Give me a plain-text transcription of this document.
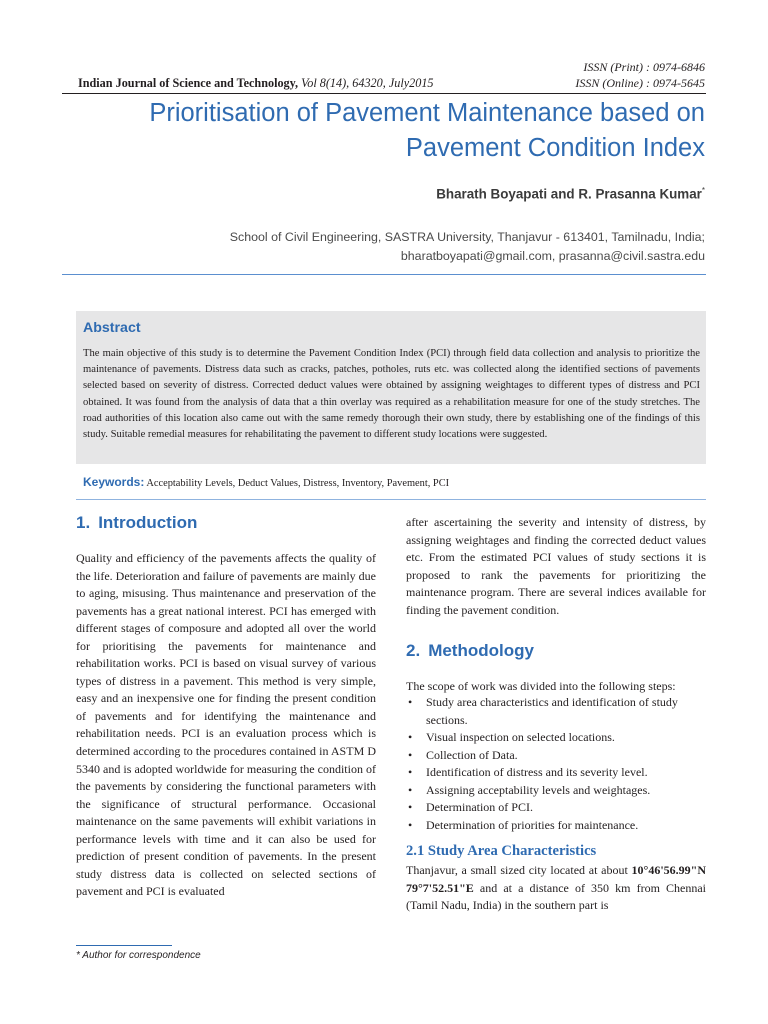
ISSN (Print) : 0974-6846
ISSN (Online) : 0974-5645
Indian Journal of Science and Technology, Vol 8(14), 64320, July2015
Prioritisation of Pavement Maintenance based on
Pavement Condition Index
Bharath Boyapati and R. Prasanna Kumar*
School of Civil Engineering, SASTRA University, Thanjavur - 613401, Tamilnadu, India;
bharatboyapati@gmail.com, prasanna@civil.sastra.edu
Abstract
The main objective of this study is to determine the Pavement Condition Index (PCI) through field data collection and analysis to prioritize the maintenance of pavements. Distress data such as cracks, patches, potholes, ruts etc. was collected along the identified sections of pavements selected based on severity of distress. Corrected deduct values were obtained by assigning weightages to different types of distress and PCI obtained. It was found from the analysis of data that a thin overlay was required as a rehabilitation measure for one of the study stretches. The road authorities of this location also came out with the same remedy thorough their own study, there by establishing one of the findings of this study. Suitable remedial measures for rehabilitating the pavement to different study locations were suggested.
Keywords: Acceptability Levels, Deduct Values, Distress, Inventory, Pavement, PCI
1. Introduction
Quality and efficiency of the pavements affects the quality of the life. Deterioration and failure of pavements are mainly due to aging, misusing. Thus maintenance and preservation of the pavements has a great national interest. PCI has emerged with different stages of composure and adopted all over the world for prioritising the pavements for maintenance and rehabilitation works. PCI is based on visual survey of various types of distress in a pavement. This method is very simple, easy and an inexpensive one for finding the present condition of pavements and for identifying the maintenance and rehabilitation needs. PCI is an evaluation process which is determined according to the procedures contained in ASTM D 5340 and is adopted worldwide for measuring the condition of the pavements by considering the functional parameters with the significance of structural performance. Occasional maintenance on the same pavements will exhibit variations in performance levels with time and it can also be used for prediction of present condition of pavements. In the present study distress data is collected on selected sections of pavement and PCI is evaluated
after ascertaining the severity and intensity of distress, by assigning weightages and finding the corrected deduct values etc. From the estimated PCI values of study sections it is proposed to rank the pavements for prioritizing the maintenance program. There are several indices available for finding the pavement condition.
2. Methodology
The scope of work was divided into the following steps:
• Study area characteristics and identification of study sections.
• Visual inspection on selected locations.
• Collection of Data.
• Identification of distress and its severity level.
• Assigning acceptability levels and weightages.
• Determination of PCI.
• Determination of priorities for maintenance.
2.1 Study Area Characteristics
Thanjavur, a small sized city located at about 10°46'56.99"N 79°7'52.51"E and at a distance of 350 km from Chennai (Tamil Nadu, India) in the southern part is
* Author for correspondence
